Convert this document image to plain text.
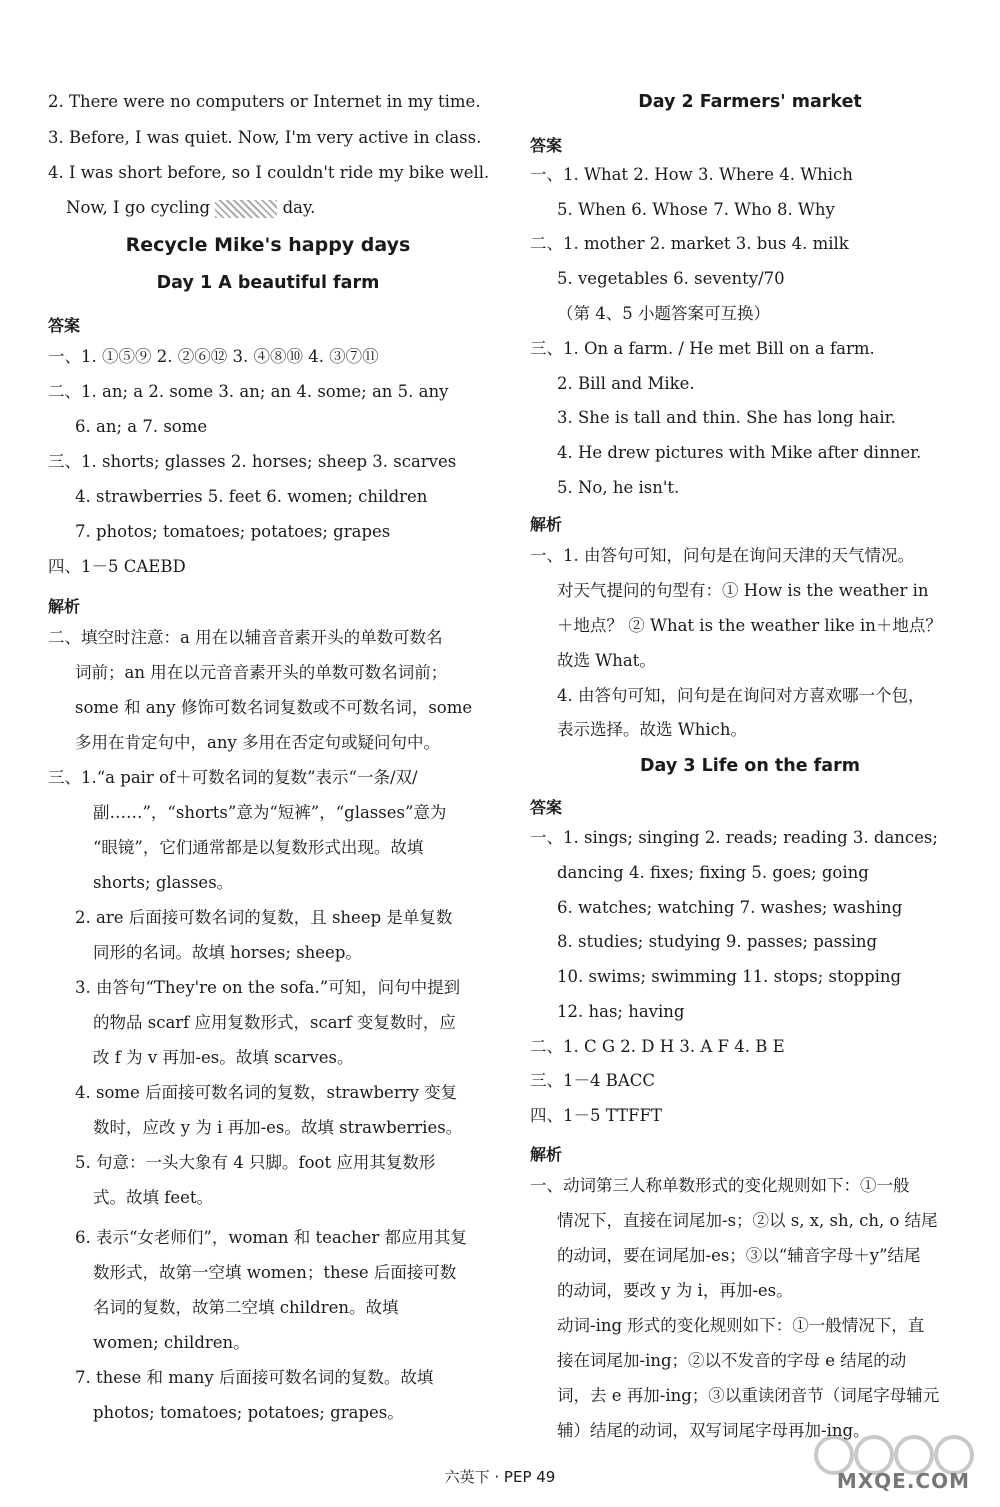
2. There were no computers or Internet in my time.
3. Before, I was quiet. Now, I'm very active in class.
4. I was short before, so I couldn't ride my bike well.
Now, I go cycling	day.
Recycle Mike's happy days
Day 1 A beautiful farm
答案
一、1. ①⑤⑨ 2. ②⑥⑫ 3. ④⑧⑩ 4. ③⑦⑪
二、1. an; a 2. some 3. an; an 4. some; an 5. any
6. an; a 7. some
三、1. shorts; glasses 2. horses; sheep 3. scarves
4. strawberries 5. feet 6. women; children
7. photos; tomatoes; potatoes; grapes
四、1－5 CAEBD
解析
二、填空时注意：a 用在以辅音音素开头的单数可数名
词前；an 用在以元音音素开头的单数可数名词前；
some 和 any 修饰可数名词复数或不可数名词，some
多用在肯定句中，any 多用在否定句或疑问句中。
三、1.“a pair of＋可数名词的复数”表示“一条/双/
副……”，“shorts”意为“短裤”，“glasses”意为
“眼镜”，它们通常都是以复数形式出现。故填
shorts; glasses。
2. are 后面接可数名词的复数，且 sheep 是单复数
同形的名词。故填 horses; sheep。
3. 由答句“They're on the sofa.”可知，问句中提到
的物品 scarf 应用复数形式，scarf 变复数时，应
改 f 为 v 再加-es。故填 scarves。
4. some 后面接可数名词的复数，strawberry 变复
数时，应改 y 为 i 再加-es。故填 strawberries。
5. 句意：一头大象有 4 只脚。foot 应用其复数形
式。故填 feet。
6. 表示“女老师们”，woman 和 teacher 都应用其复
数形式，故第一空填 women；these 后面接可数
名词的复数，故第二空填 children。故填
women; children。
7. these 和 many 后面接可数名词的复数。故填
photos; tomatoes; potatoes; grapes。
Day 2 Farmers' market
答案
一、1. What 2. How 3. Where 4. Which
5. When 6. Whose 7. Who 8. Why
二、1. mother 2. market 3. bus 4. milk
5. vegetables 6. seventy/70
（第 4、5 小题答案可互换）
三、1. On a farm. / He met Bill on a farm.
2. Bill and Mike.
3. She is tall and thin. She has long hair.
4. He drew pictures with Mike after dinner.
5. No, he isn't.
解析
一、1. 由答句可知，问句是在询问天津的天气情况。
对天气提问的句型有：① How is the weather in
＋地点？ ② What is the weather like in＋地点？
故选 What。
4. 由答句可知，问句是在询问对方喜欢哪一个包，
表示选择。故选 Which。
Day 3 Life on the farm
答案
一、1. sings; singing 2. reads; reading 3. dances;
dancing 4. fixes; fixing 5. goes; going
6. watches; watching 7. washes; washing
8. studies; studying 9. passes; passing
10. swims; swimming 11. stops; stopping
12. has; having
二、1. C G 2. D H 3. A F 4. B E
三、1－4 BACC
四、1－5 TTFFT
解析
一、动词第三人称单数形式的变化规则如下：①一般
情况下，直接在词尾加-s；②以 s, x, sh, ch, o 结尾
的动词，要在词尾加-es；③以“辅音字母＋y”结尾
的动词，要改 y 为 i，再加-es。
动词-ing 形式的变化规则如下：①一般情况下，直
接在词尾加-ing；②以不发音的字母 e 结尾的动
词，去 e 再加-ing；③以重读闭音节（词尾字母辅元
辅）结尾的动词，双写词尾字母再加-ing。
六英下 · PEP 49	MXQE.COM
